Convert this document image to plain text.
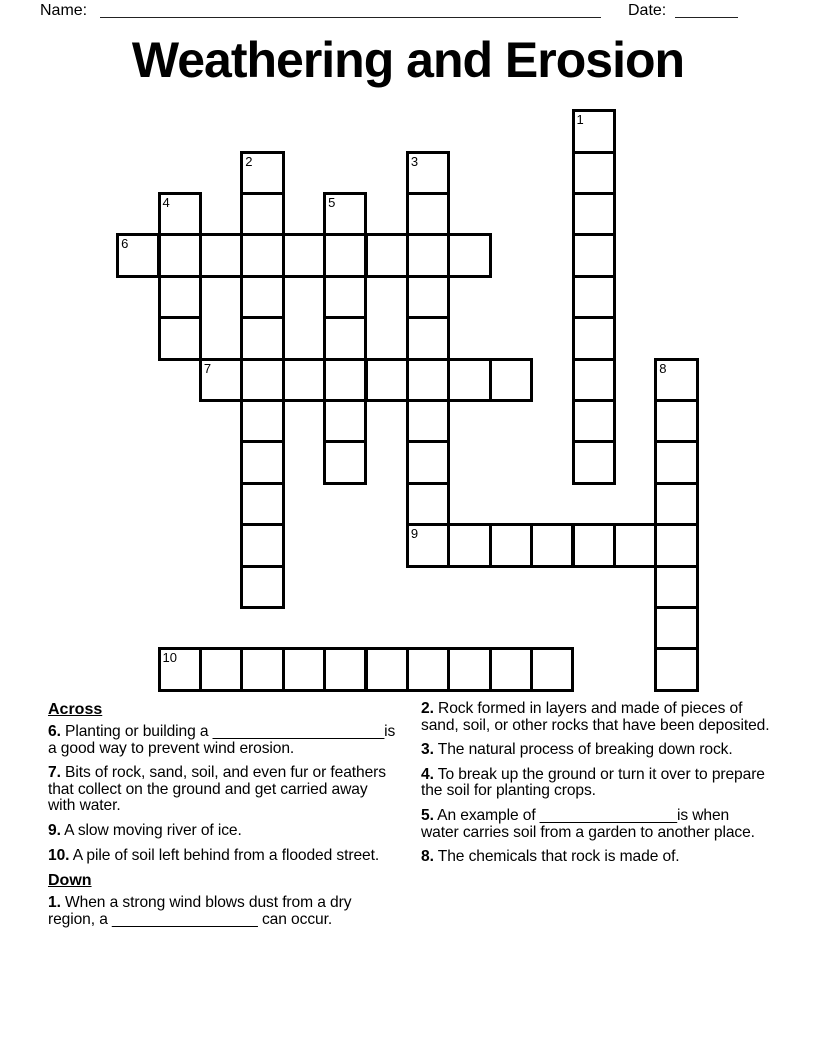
Name:	Date:
Weathering and Erosion
1
2	3
9
4	5
6
7	8
10
Across

6. Planting or building a ____________________is a good way to prevent wind erosion.

7. Bits of rock, sand, soil, and even fur or feathers that collect on the ground and get carried away with water.

9. A slow moving river of ice.

10. A pile of soil left behind from a flooded street.

Down

1. When a strong wind blows dust from a dry region, a _________________ can occur.

2. Rock formed in layers and made of pieces of sand, soil, or other rocks that have been deposited.

3. The natural process of breaking down rock.

4. To break up the ground or turn it over to prepare the soil for planting crops.

5. An example of ________________is when water carries soil from a garden to another place.

8. The chemicals that rock is made of.
